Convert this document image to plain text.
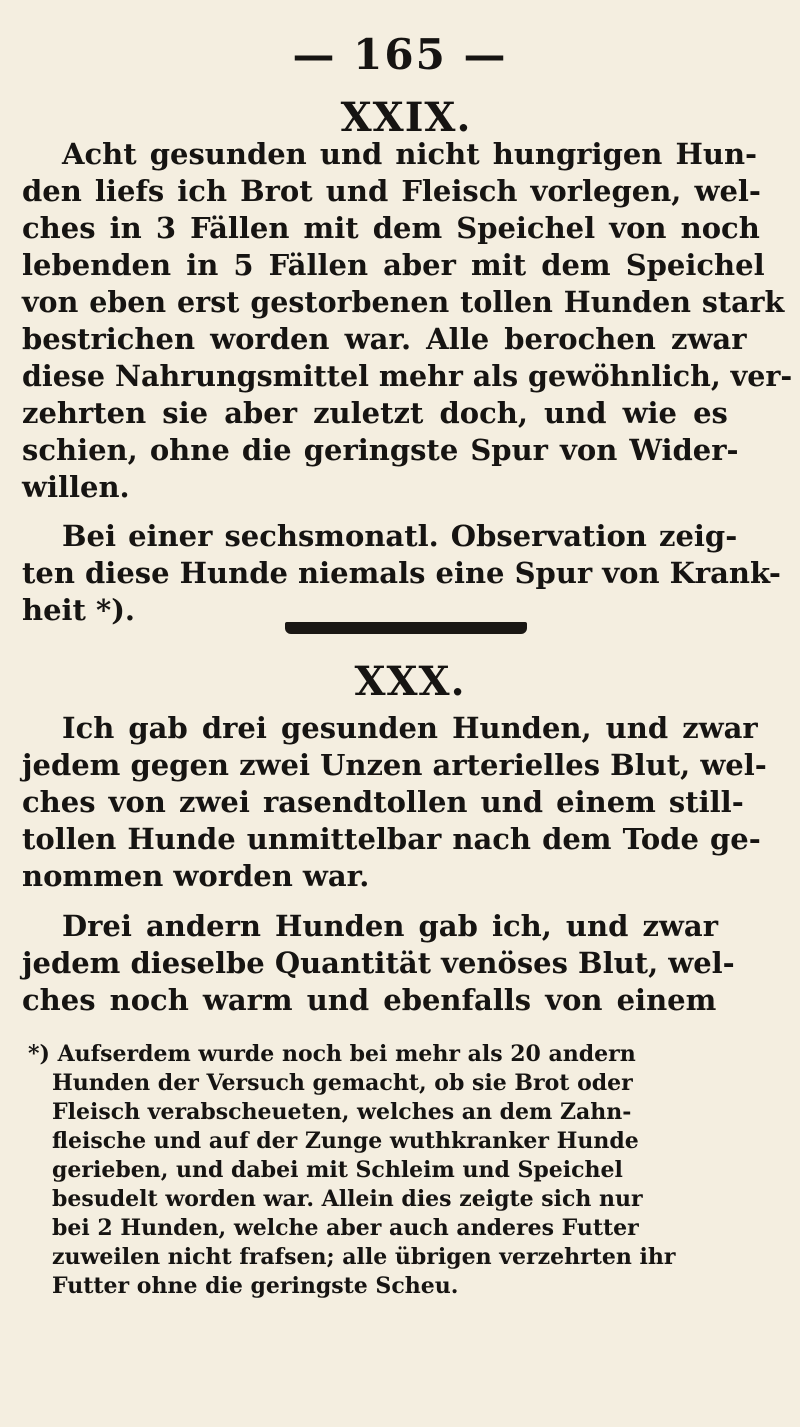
— 165 —
XXIX.
Acht gesunden und nicht hungrigen Hun-
den liefs ich Brot und Fleisch vorlegen, wel-
ches in 3 Fällen mit dem Speichel von noch
lebenden in 5 Fällen aber mit dem Speichel
von eben erst gestorbenen tollen Hunden stark
bestrichen worden war. Alle berochen zwar
diese Nahrungsmittel mehr als gewöhnlich, ver-
zehrten sie aber zuletzt doch, und wie es
schien, ohne die geringste Spur von Wider-
willen.
Bei einer sechsmonatl. Observation zeig-
ten diese Hunde niemals eine Spur von Krank-
heit *).
XXX.
Ich gab drei gesunden Hunden, und zwar
jedem gegen zwei Unzen arterielles Blut, wel-
ches von zwei rasendtollen und einem still-
tollen Hunde unmittelbar nach dem Tode ge-
nommen worden war.
Drei andern Hunden gab ich, und zwar
jedem dieselbe Quantität venöses Blut, wel-
ches noch warm und ebenfalls von einem
*) Aufserdem wurde noch bei mehr als 20 andern
Hunden der Versuch gemacht, ob sie Brot oder
Fleisch verabscheueten, welches an dem Zahn-
fleische und auf der Zunge wuthkranker Hunde
gerieben, und dabei mit Schleim und Speichel
besudelt worden war. Allein dies zeigte sich nur
bei 2 Hunden, welche aber auch anderes Futter
zuweilen nicht frafsen; alle übrigen verzehrten ihr
Futter ohne die geringste Scheu.
